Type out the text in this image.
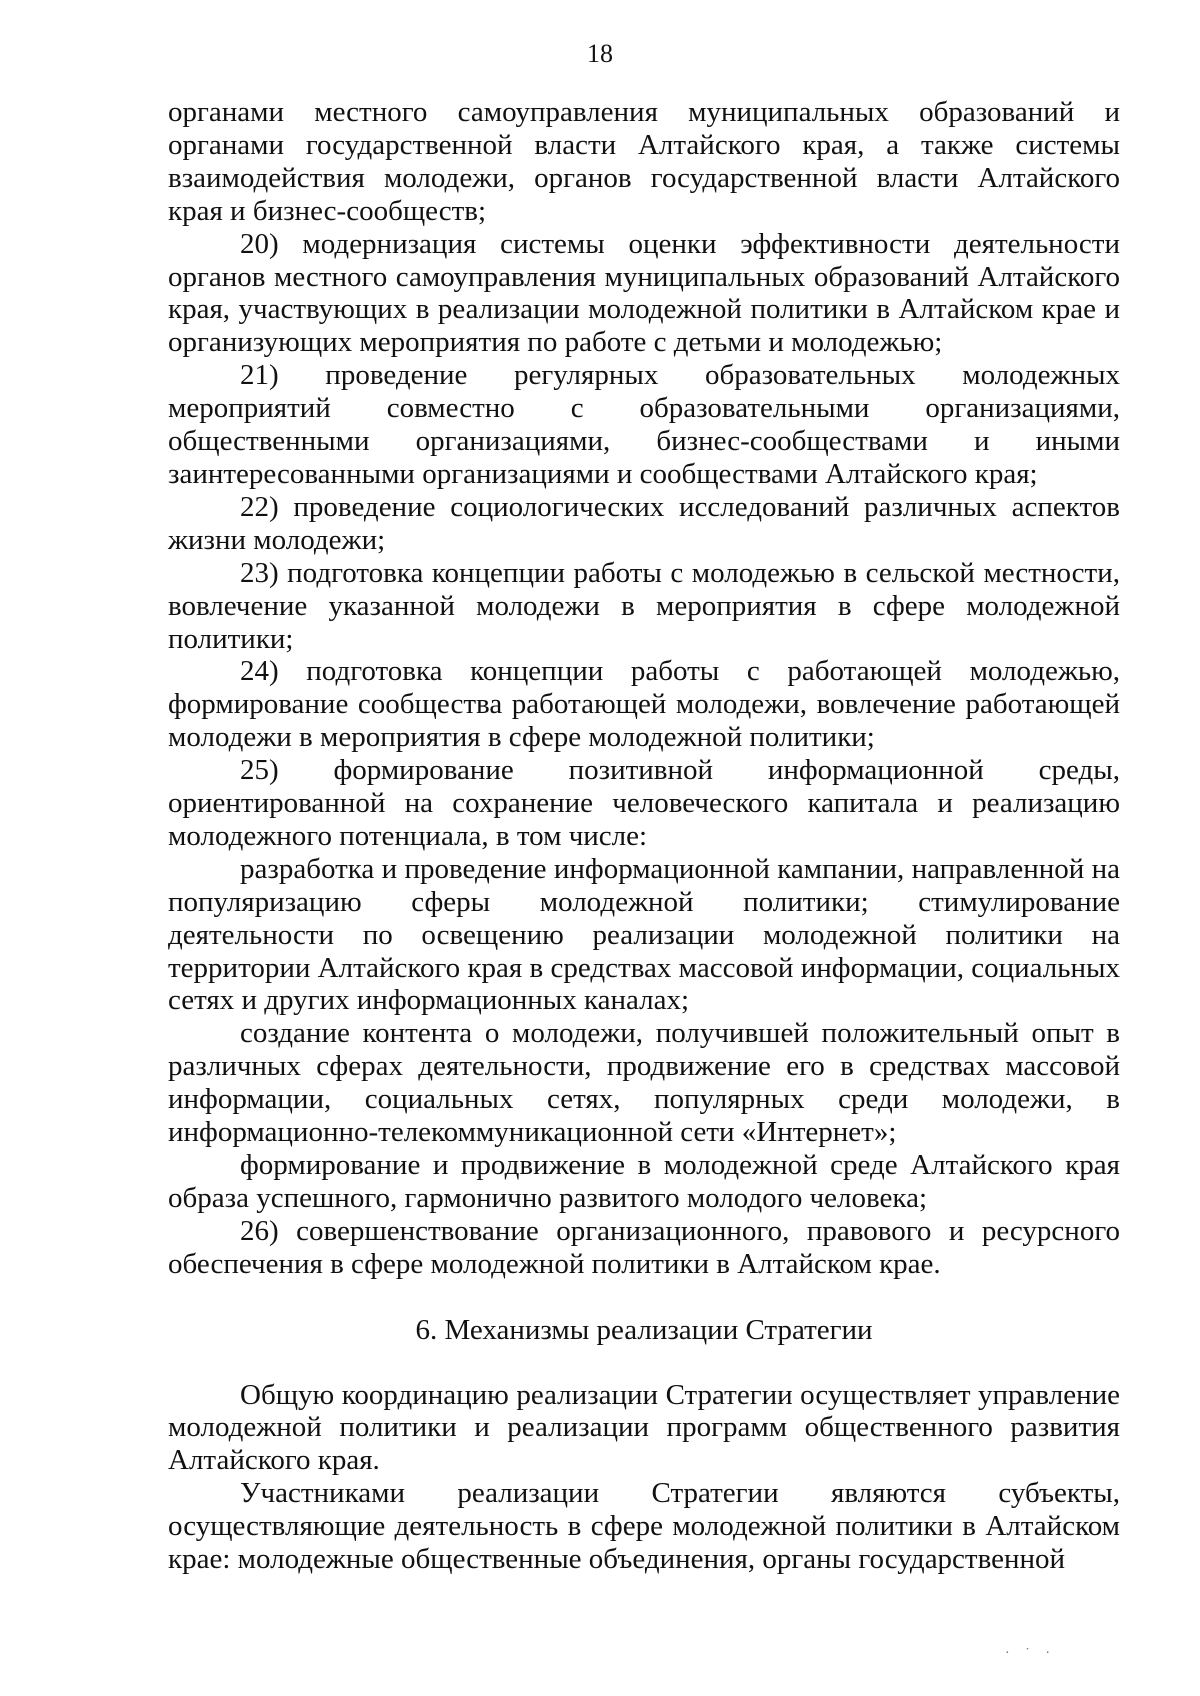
18

органами местного самоуправления муниципальных образований и органами государственной власти Алтайского края, а также системы взаимодействия молодежи, органов государственной власти Алтайского края и бизнес-сообществ;

20) модернизация системы оценки эффективности деятельности органов местного самоуправления муниципальных образований Алтайского края, участвующих в реализации молодежной политики в Алтайском крае и организующих мероприятия по работе с детьми и молодежью;

21) проведение регулярных образовательных молодежных мероприятий совместно с образовательными организациями, общественными организациями, бизнес-сообществами и иными заинтересованными организациями и сообществами Алтайского края;

22) проведение социологических исследований различных аспектов жизни молодежи;

23) подготовка концепции работы с молодежью в сельской местности, вовлечение указанной молодежи в мероприятия в сфере молодежной политики;

24) подготовка концепции работы с работающей молодежью, формирование сообщества работающей молодежи, вовлечение работающей молодежи в мероприятия в сфере молодежной политики;

25) формирование позитивной информационной среды, ориентированной на сохранение человеческого капитала и реализацию молодежного потенциала, в том числе:

разработка и проведение информационной кампании, направленной на популяризацию сферы молодежной политики; стимулирование деятельности по освещению реализации молодежной политики на территории Алтайского края в средствах массовой информации, социальных сетях и других информационных каналах;

создание контента о молодежи, получившей положительный опыт в различных сферах деятельности, продвижение его в средствах массовой информации, социальных сетях, популярных среди молодежи, в информационно-телекоммуникационной сети «Интернет»;

формирование и продвижение в молодежной среде Алтайского края образа успешного, гармонично развитого молодого человека;

26) совершенствование организационного, правового и ресурсного обеспечения в сфере молодежной политики в Алтайском крае.

6. Механизмы реализации Стратегии

Общую координацию реализации Стратегии осуществляет управление молодежной политики и реализации программ общественного развития Алтайского края.

Участниками реализации Стратегии являются субъекты, осуществляющие деятельность в сфере молодежной политики в Алтайском крае: молодежные общественные объединения, органы государственной

· ˙ ·
